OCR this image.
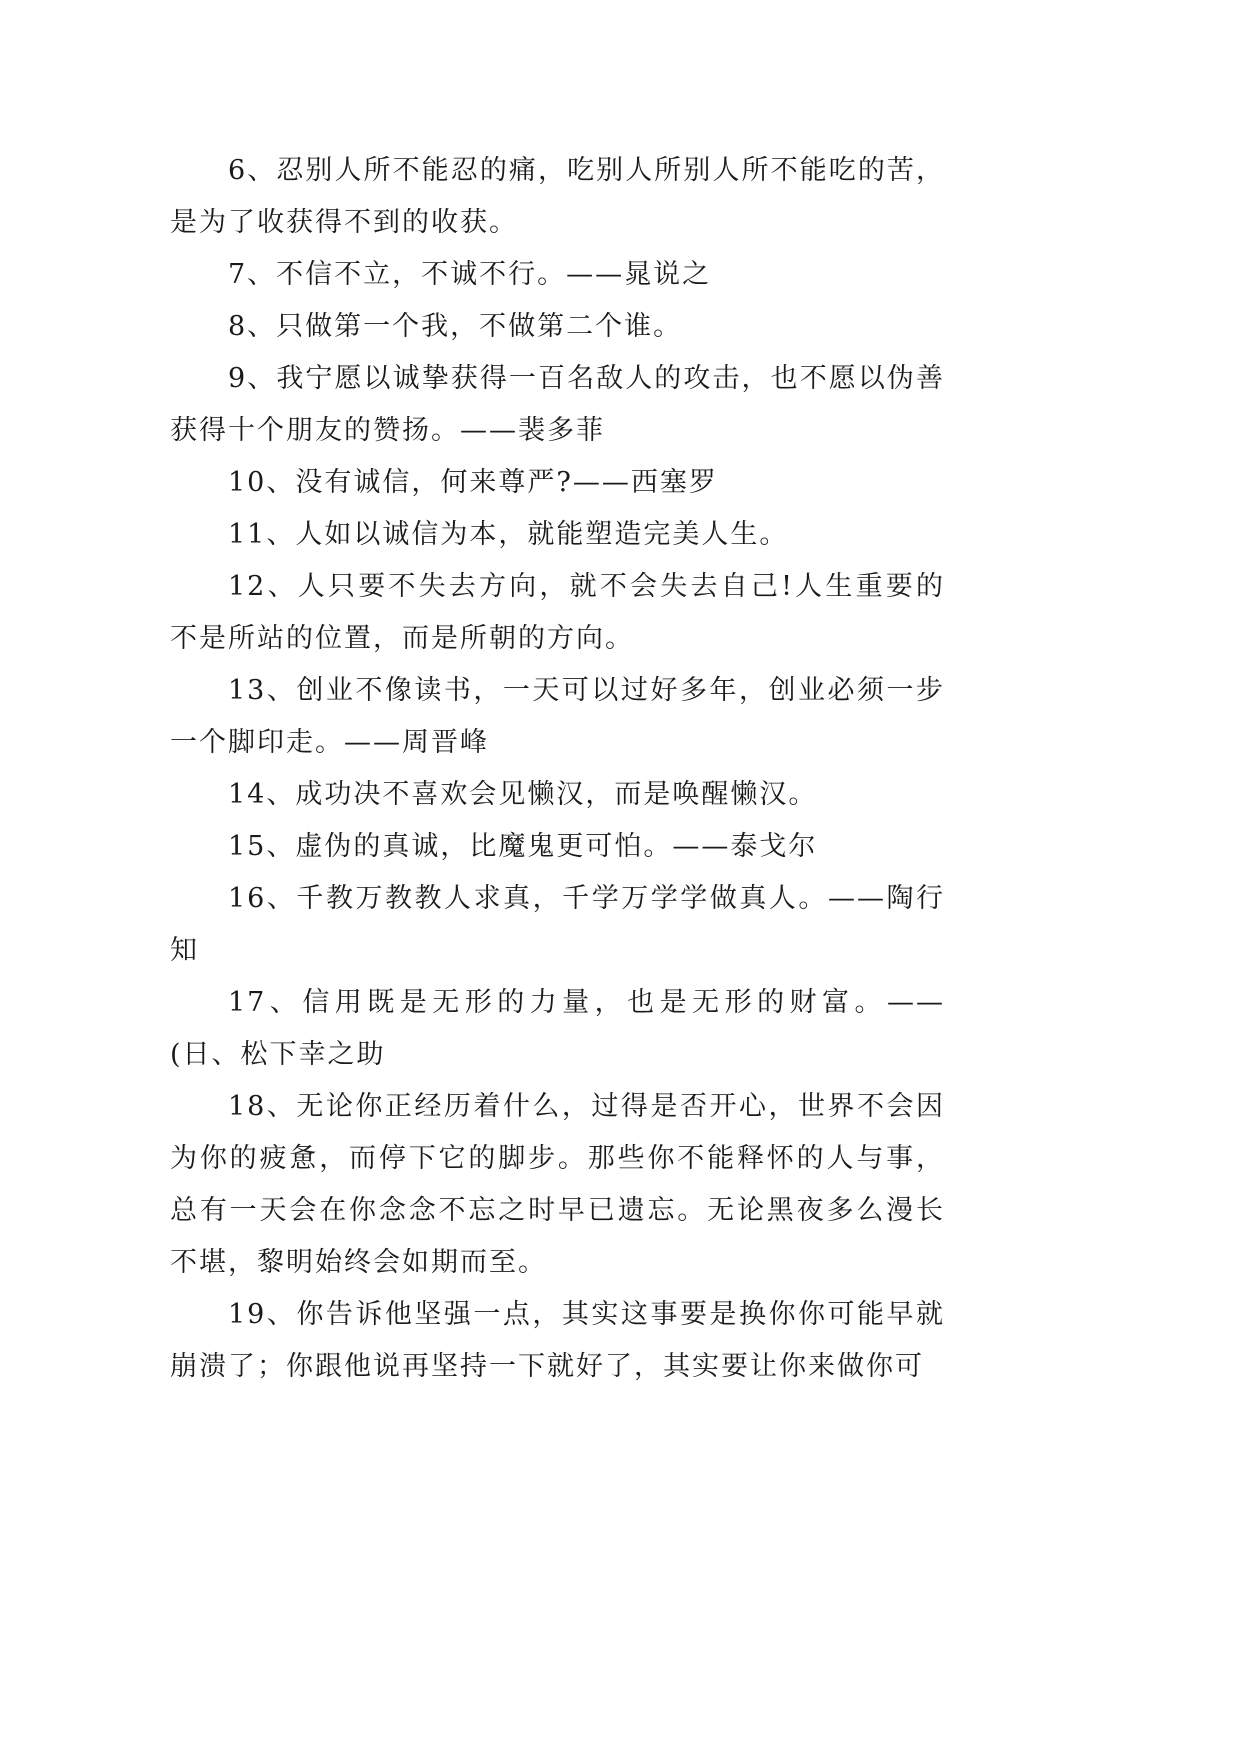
6、忍别人所不能忍的痛，吃别人所别人所不能吃的苦，是为了收获得不到的收获。

7、不信不立，不诚不行。——晁说之

8、只做第一个我，不做第二个谁。

9、我宁愿以诚挚获得一百名敌人的攻击，也不愿以伪善获得十个朋友的赞扬。——裴多菲

10、没有诚信，何来尊严?——西塞罗

11、人如以诚信为本，就能塑造完美人生。

12、人只要不失去方向，就不会失去自己!人生重要的不是所站的位置，而是所朝的方向。

13、创业不像读书，一天可以过好多年，创业必须一步一个脚印走。——周晋峰

14、成功决不喜欢会见懒汉，而是唤醒懒汉。

15、虚伪的真诚，比魔鬼更可怕。——泰戈尔

16、千教万教教人求真，千学万学学做真人。——陶行知

17、信用既是无形的力量，也是无形的财富。——(日、松下幸之助

18、无论你正经历着什么，过得是否开心，世界不会因为你的疲惫，而停下它的脚步。那些你不能释怀的人与事，总有一天会在你念念不忘之时早已遗忘。无论黑夜多么漫长不堪，黎明始终会如期而至。

19、你告诉他坚强一点，其实这事要是换你你可能早就崩溃了；你跟他说再坚持一下就好了，其实要让你来做你可
